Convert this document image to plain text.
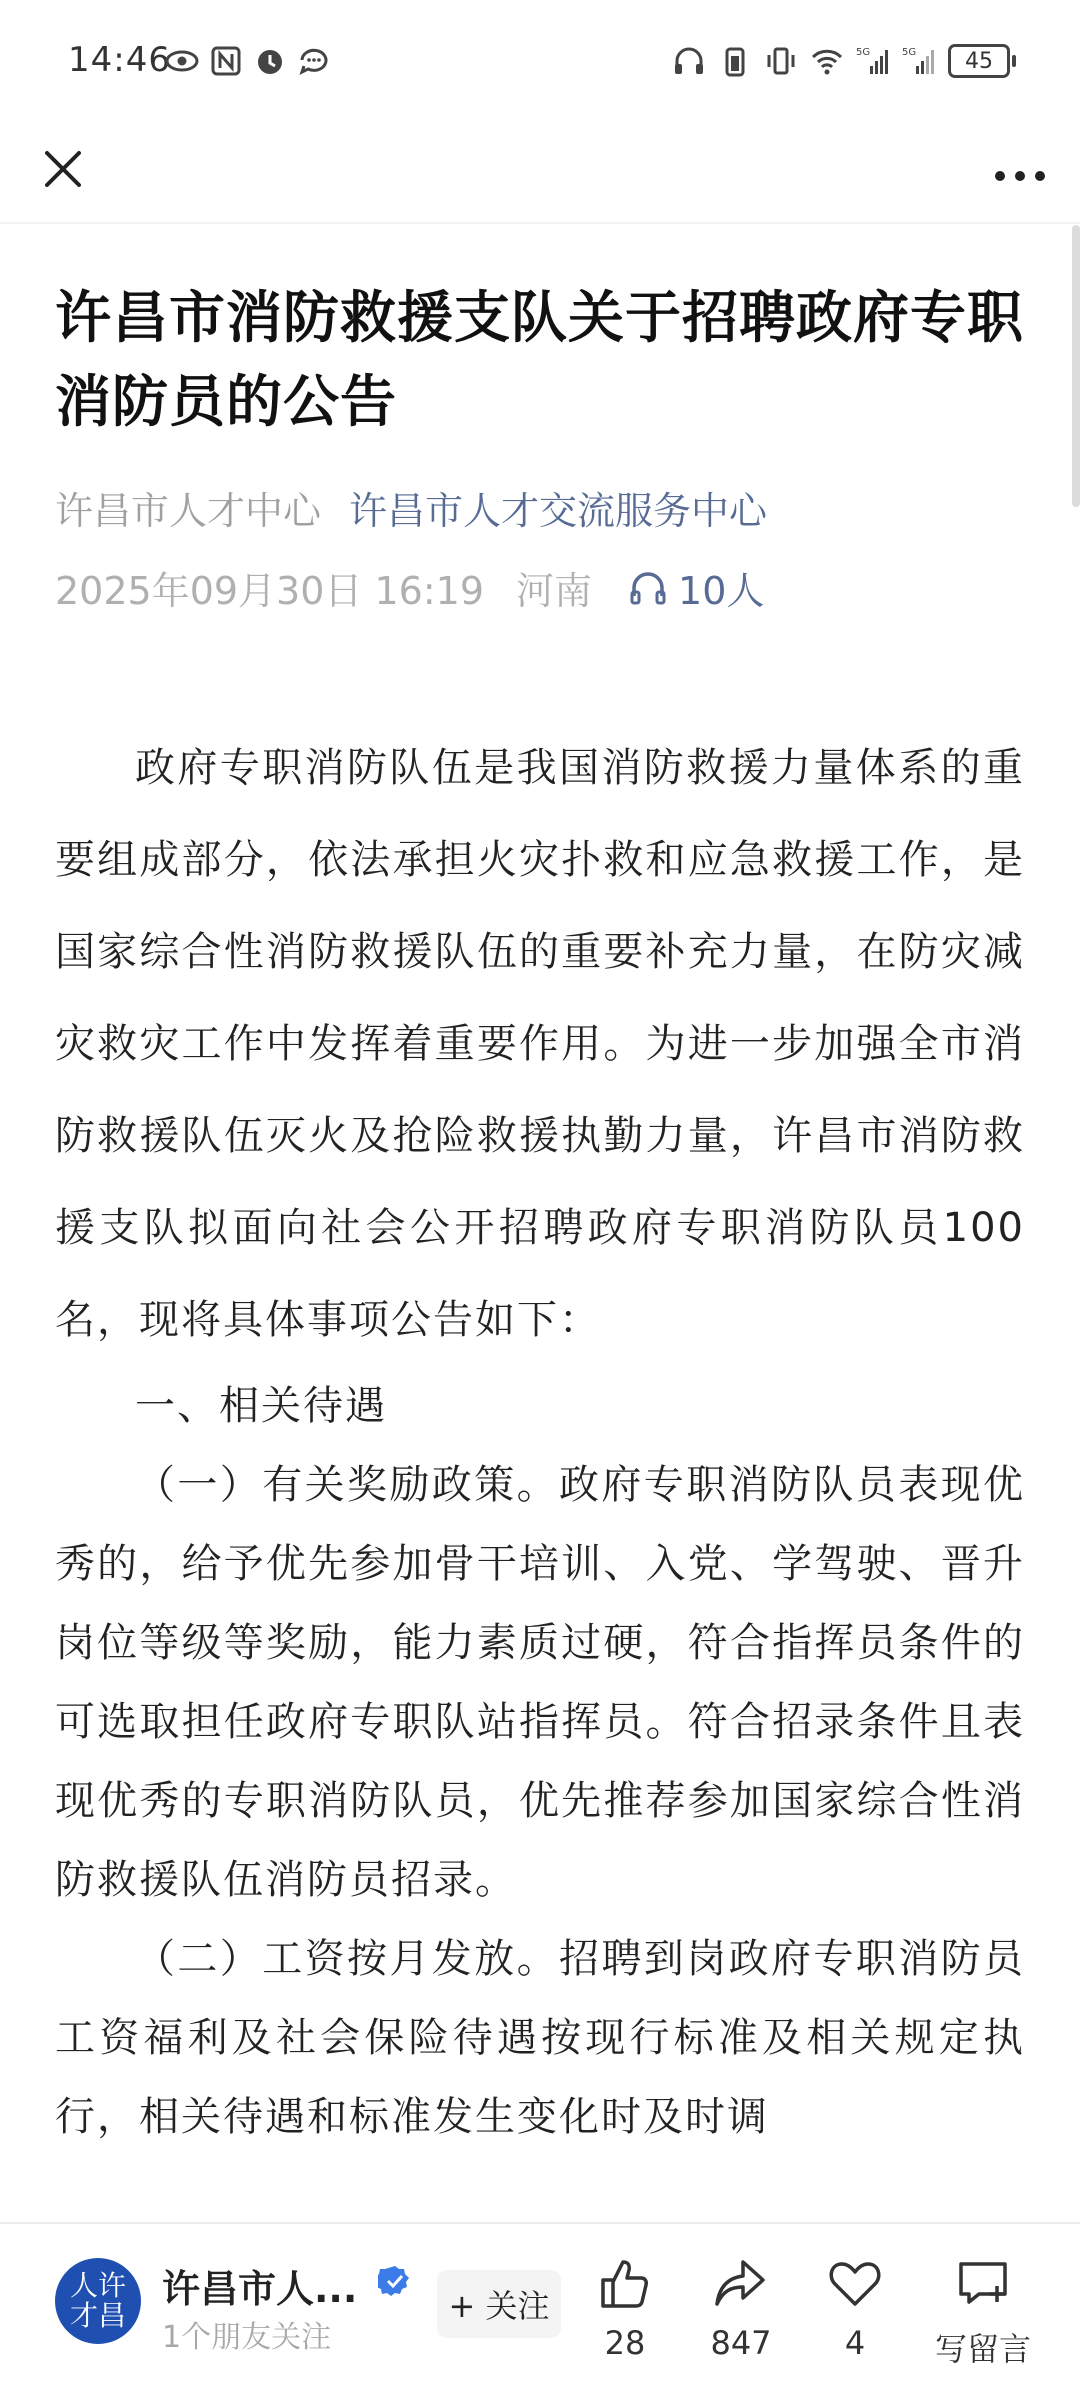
14:46	5G	5G 45
许昌市消防救援支队关于招聘政府专职消防员的公告
许昌市人才中心 许昌市人才交流服务中心
2025年09月30日 16:19 河南 10人

政府专职消防队伍是我国消防救援力量体系的重要组成部分，依法承担火灾扑救和应急救援工作，是国家综合性消防救援队伍的重要补充力量，在防灾减灾救灾工作中发挥着重要作用。为进一步加强全市消防救援队伍灭火及抢险救援执勤力量，许昌市消防救援支队拟面向社会公开招聘政府专职消防队员100名，现将具体事项公告如下：

一、相关待遇

（一）有关奖励政策。政府专职消防队员表现优秀的，给予优先参加骨干培训、入党、学驾驶、晋升岗位等级等奖励，能力素质过硬，符合指挥员条件的可选取担任政府专职队站指挥员。符合招录条件且表现优秀的专职消防队员，优先推荐参加国家综合性消防救援队伍消防员招录。

（二）工资按月发放。招聘到岗政府专职消防员工资福利及社会保险待遇按现行标准及相关规定执行，相关待遇和标准发生变化时及时调

人许才昌
许昌市人...
1个朋友关注
+ 关注
28	847	4	写留言
